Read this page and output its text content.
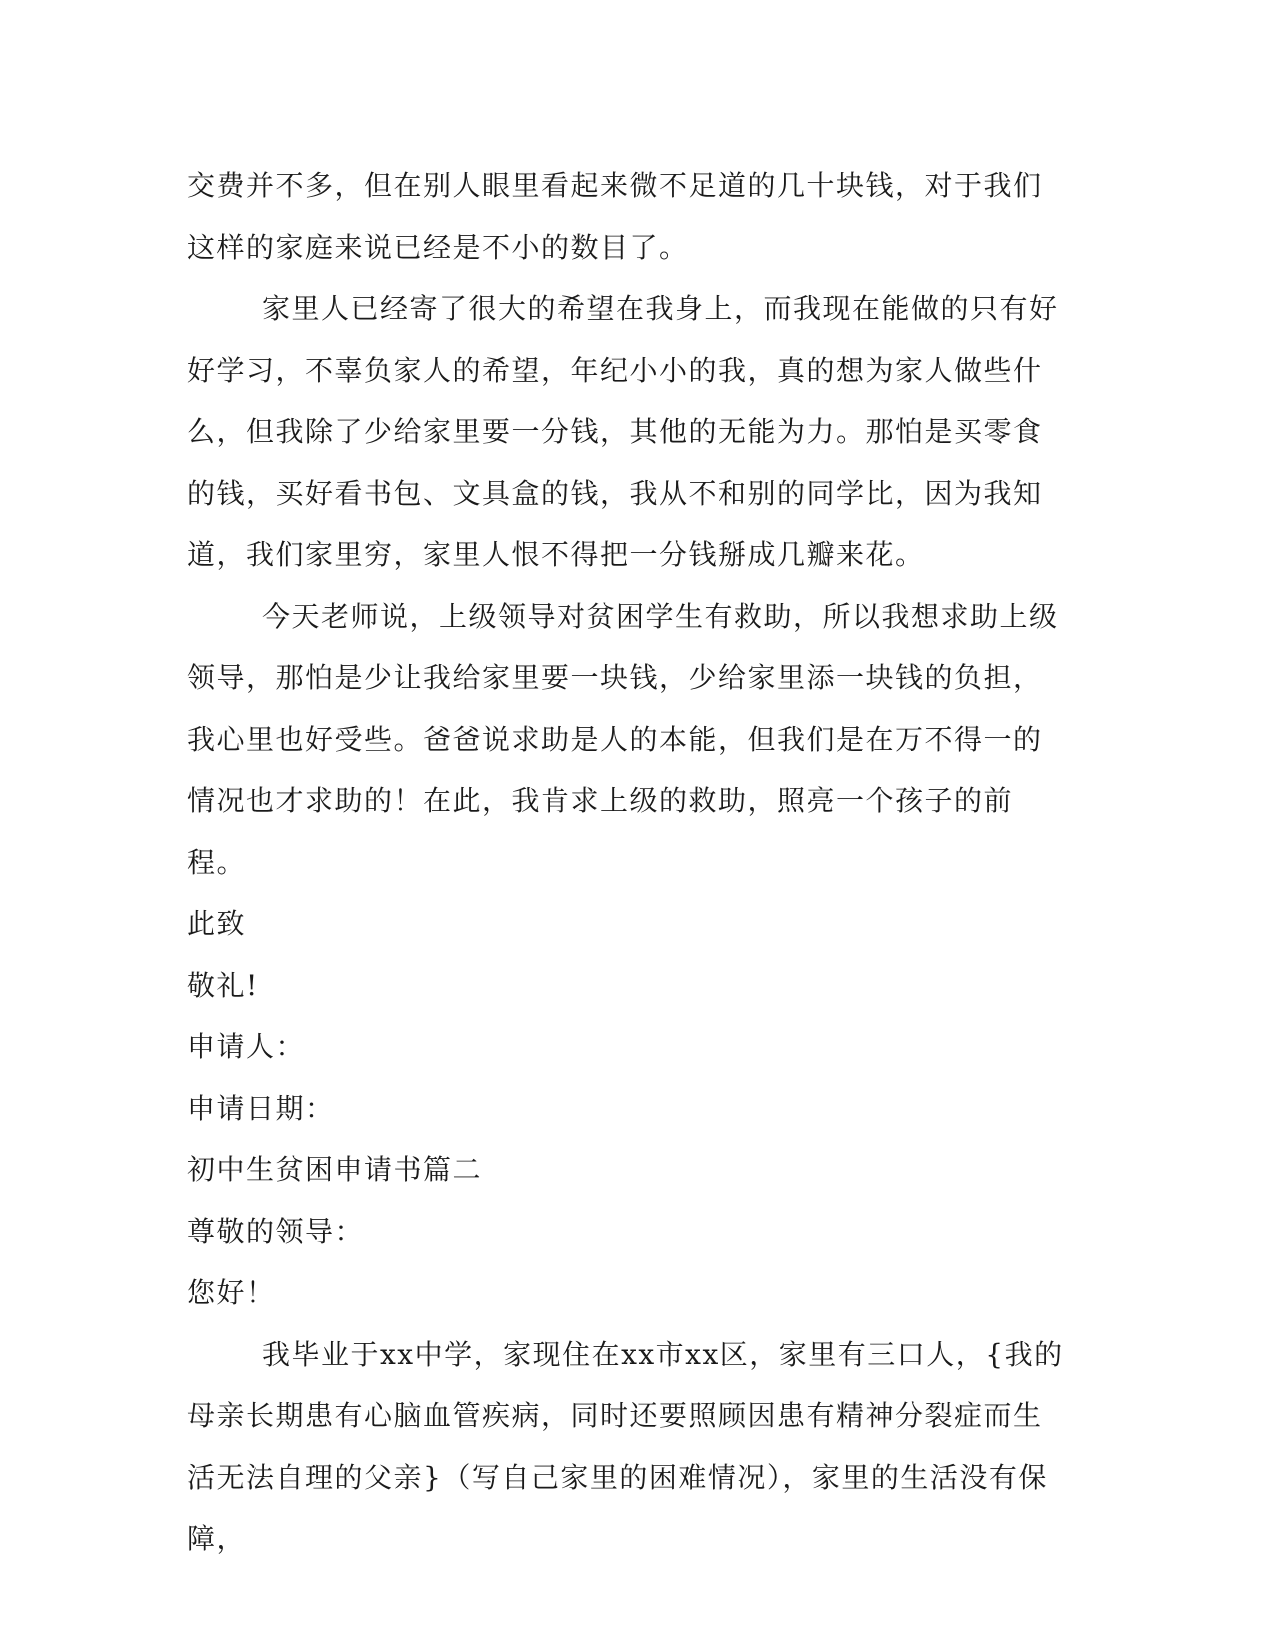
交费并不多，但在别人眼里看起来微不足道的几十块钱，对于我们这样的家庭来说已经是不小的数目了。

家里人已经寄了很大的希望在我身上，而我现在能做的只有好好学习，不辜负家人的希望，年纪小小的我，真的想为家人做些什么，但我除了少给家里要一分钱，其他的无能为力。那怕是买零食的钱，买好看书包、文具盒的钱，我从不和别的同学比，因为我知道，我们家里穷，家里人恨不得把一分钱掰成几瓣来花。

今天老师说，上级领导对贫困学生有救助，所以我想求助上级领导，那怕是少让我给家里要一块钱，少给家里添一块钱的负担，我心里也好受些。爸爸说求助是人的本能，但我们是在万不得一的情况也才求助的！在此，我肯求上级的救助，照亮一个孩子的前程。

此致

敬礼!

申请人：

申请日期：

初中生贫困申请书篇二

尊敬的领导：

您好！

我毕业于xx中学，家现住在xx市xx区，家里有三口人，{我的母亲长期患有心脑血管疾病，同时还要照顾因患有精神分裂症而生活无法自理的父亲}（写自己家里的困难情况），家里的生活没有保障，
